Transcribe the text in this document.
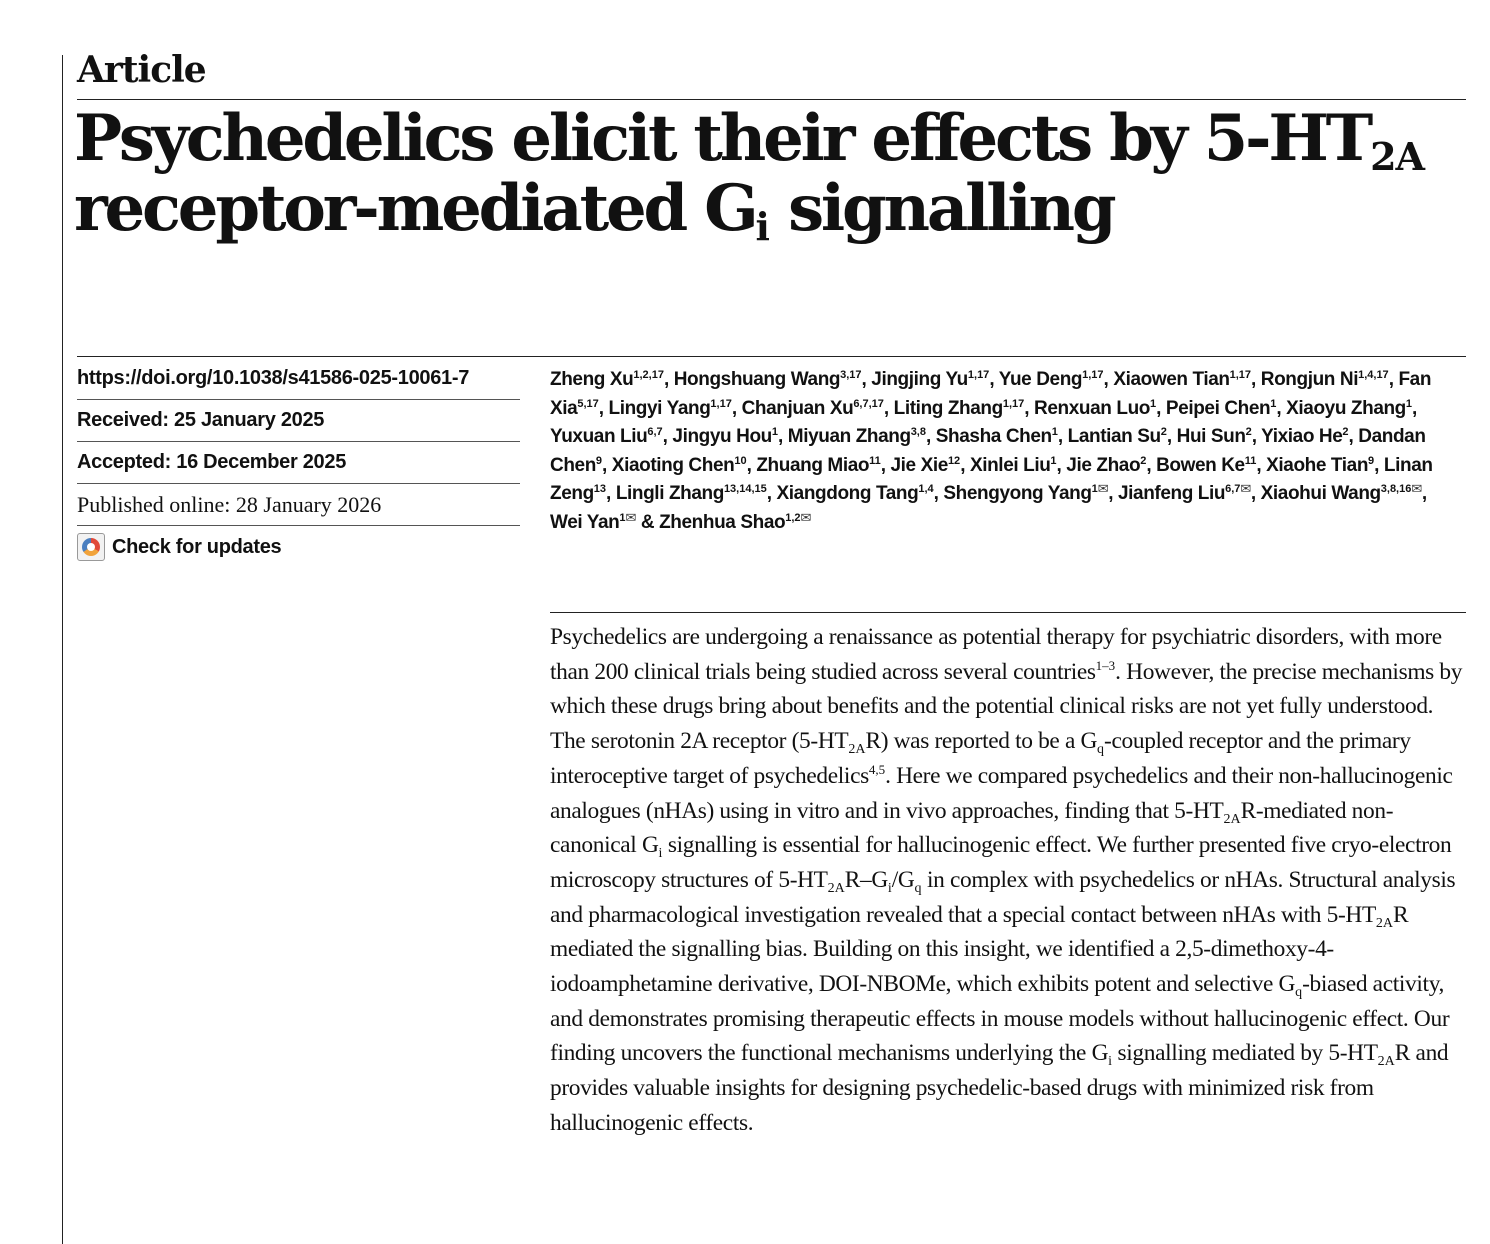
Article
Psychedelics elicit their effects by $5-HT_{2A}$
receptor-mediated $G_i$ signalling
https://doi.org/10.1038/s41586-025-10061-7
Received: 25 January 2025
Accepted: 16 December 2025
Published online: 28 January 2026
Check for updates

Zheng Xu$^{1,2,17}$, Hongshuang Wang$^{3,17}$, Jingjing Yu$^{1,17}$, Yue Deng$^{1,17}$, Xiaowen Tian$^{1,17}$, Rongjun Ni$^{1,4,17}$, Fan Xia$^{5,17}$, Lingyi Yang$^{1,17}$, Chanjuan Xu$^{6,7,17}$, Liting Zhang$^{1,17}$, Renxuan Luo$^1$, Peipei Chen$^1$, Xiaoyu Zhang$^1$, Yuxuan Liu$^{6,7}$, Jingyu Hou$^1$, Miyuan Zhang$^{3,8}$, Shasha Chen$^1$, Lantian Su$^2$, Hui Sun$^2$, Yixiao He$^2$, Dandan Chen$^9$, Xiaoting Chen$^{10}$, Zhuang Miao$^{11}$, Jie Xie$^{12}$, Xinlei Liu$^1$, Jie Zhao$^2$, Bowen Ke$^{11}$, Xiaohe Tian$^9$, Linan Zeng$^{13}$, Lingli Zhang$^{13,14,15}$, Xiangdong Tang$^{1,4}$, Shengyong Yang$^{1✉}$, Jianfeng Liu$^{6,7✉}$, Xiaohui Wang$^{3,8,16✉}$, Wei Yan$^{1✉}$ & Zhenhua Shao$^{1,2✉}$

Psychedelics are undergoing a renaissance as potential therapy for psychiatric disorders, with more than 200 clinical trials being studied across several countries$^{1-3}$. However, the precise mechanisms by which these drugs bring about benefits and the potential clinical risks are not yet fully understood. The serotonin 2A receptor $(5-HT_{2A}R)$ was reported to be a $G_q$-coupled receptor and the primary interoceptive target of psychedelics$^{4,5}$. Here we compared psychedelics and their non-hallucinogenic analogues (nHAs) using in vitro and in vivo approaches, finding that $5-HT_{2A}R$-mediated non-canonical $G_i$ signalling is essential for hallucinogenic effect. We further presented five cryo-electron microscopy structures of $5-HT_{2A}R-G_i/G_q$ in complex with psychedelics or nHAs. Structural analysis and pharmacological investigation revealed that a special contact between nHAs with $5-HT_{2A}R$ mediated the signalling bias. Building on this insight, we identified a 2,5-dimethoxy-4-iodoamphetamine derivative, DOI-NBOMe, which exhibits potent and selective $G_q$-biased activity, and demonstrates promising therapeutic effects in mouse models without hallucinogenic effect. Our finding uncovers the functional mechanisms underlying the $G_i$ signalling mediated by $5-HT_{2A}R$ and provides valuable insights for designing psychedelic-based drugs with minimized risk from hallucinogenic effects.
